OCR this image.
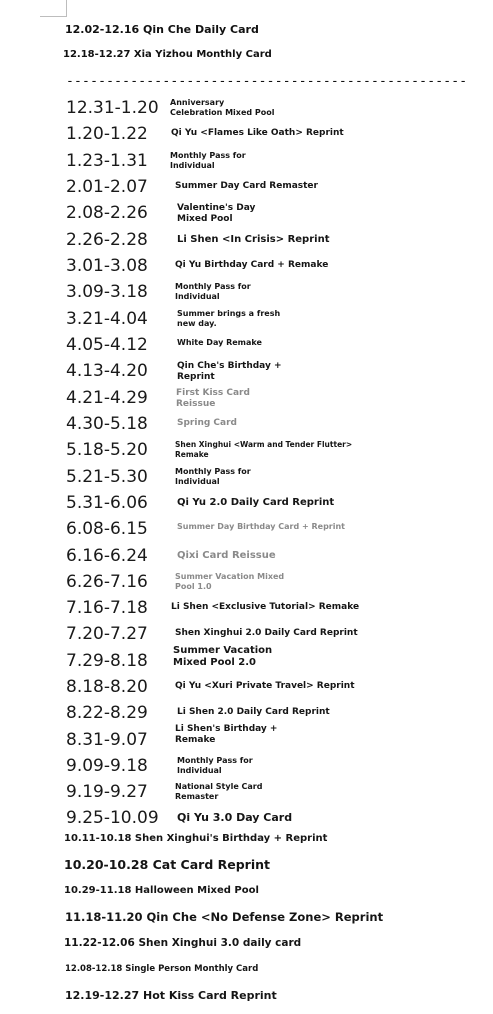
12.02-12.16 Qin Che Daily Card
12.18-12.27 Xia Yizhou Monthly Card
--------------------------------------------------
12.31-1.20 Anniversary
Celebration Mixed Pool
1.20-1.22	Qi Yu <Flames Like Oath> Reprint
1.23-1.31	Monthly Pass for
Individual
2.01-2.07	Summer Day Card Remaster
2.08-2.26	Valentine's Day
Mixed Pool
2.26-2.28	Li Shen <In Crisis> Reprint
3.01-3.08	Qi Yu Birthday Card + Remake
3.09-3.18	Monthly Pass for
Individual
3.21-4.04	Summer brings a fresh
new day.
4.05-4.12	White Day Remake
4.13-4.20	Qin Che's Birthday +
Reprint
4.21-4.29	First Kiss Card
Reissue
4.30-5.18	Spring Card
5.18-5.20	Shen Xinghui <Warm and Tender Flutter>
Remake
5.21-5.30	Monthly Pass for
Individual
5.31-6.06	Qi Yu 2.0 Daily Card Reprint
6.08-6.15	Summer Day Birthday Card + Reprint
6.16-6.24	Qixi Card Reissue
6.26-7.16	Summer Vacation Mixed
Pool 1.0
7.16-7.18	Li Shen <Exclusive Tutorial> Remake
7.20-7.27	Shen Xinghui 2.0 Daily Card Reprint
7.29-8.18
Summer Vacation
Mixed Pool 2.0
8.18-8.20	Qi Yu <Xuri Private Travel> Reprint
8.22-8.29	Li Shen 2.0 Daily Card Reprint
8.31-9.07
Li Shen's Birthday +
Remake
9.09-9.18	Monthly Pass for
Individual
9.19-9.27	National Style Card
Remaster
9.25-10.09 Qi Yu 3.0 Day Card
10.11-10.18 Shen Xinghui's Birthday + Reprint
10.20-10.28 Cat Card Reprint
10.29-11.18 Halloween Mixed Pool
11.18-11.20 Qin Che <No Defense Zone> Reprint
11.22-12.06 Shen Xinghui 3.0 daily card
12.08-12.18 Single Person Monthly Card
12.19-12.27 Hot Kiss Card Reprint
